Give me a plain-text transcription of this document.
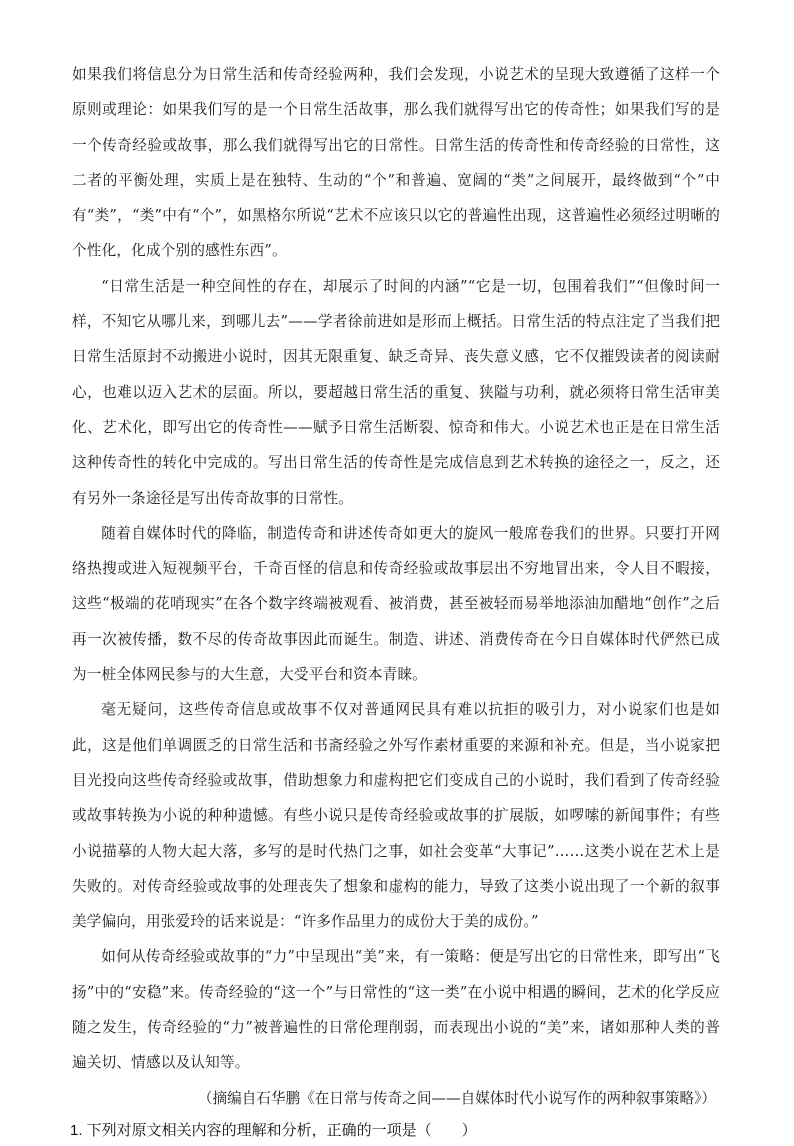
如果我们将信息分为日常生活和传奇经验两种，我们会发现，小说艺术的呈现大致遵循了这样一个原则或理论：如果我们写的是一个日常生活故事，那么我们就得写出它的传奇性；如果我们写的是一个传奇经验或故事，那么我们就得写出它的日常性。日常生活的传奇性和传奇经验的日常性，这二者的平衡处理，实质上是在独特、生动的“个”和普遍、宽阔的“类”之间展开，最终做到“个”中有“类”，“类”中有“个”，如黑格尔所说“艺术不应该只以它的普遍性出现，这普遍性必须经过明晰的个性化，化成个别的感性东西”。

“日常生活是一种空间性的存在，却展示了时间的内涵”“它是一切，包围着我们”“但像时间一样，不知它从哪儿来，到哪儿去”——学者徐前进如是形而上概括。日常生活的特点注定了当我们把日常生活原封不动搬进小说时，因其无限重复、缺乏奇异、丧失意义感，它不仅摧毁读者的阅读耐心，也难以迈入艺术的层面。所以，要超越日常生活的重复、狭隘与功利，就必须将日常生活审美化、艺术化，即写出它的传奇性——赋予日常生活断裂、惊奇和伟大。小说艺术也正是在日常生活这种传奇性的转化中完成的。写出日常生活的传奇性是完成信息到艺术转换的途径之一，反之，还有另外一条途径是写出传奇故事的日常性。

随着自媒体时代的降临，制造传奇和讲述传奇如更大的旋风一般席卷我们的世界。只要打开网络热搜或进入短视频平台，千奇百怪的信息和传奇经验或故事层出不穷地冒出来，令人目不暇接，这些“极端的花哨现实”在各个数字终端被观看、被消费，甚至被轻而易举地添油加醋地“创作”之后再一次被传播，数不尽的传奇故事因此而诞生。制造、讲述、消费传奇在今日自媒体时代俨然已成为一桩全体网民参与的大生意，大受平台和资本青睐。

毫无疑问，这些传奇信息或故事不仅对普通网民具有难以抗拒的吸引力，对小说家们也是如此，这是他们单调匮乏的日常生活和书斋经验之外写作素材重要的来源和补充。但是，当小说家把目光投向这些传奇经验或故事，借助想象力和虚构把它们变成自己的小说时，我们看到了传奇经验或故事转换为小说的种种遗憾。有些小说只是传奇经验或故事的扩展版，如啰嗦的新闻事件；有些小说描摹的人物大起大落，多写的是时代热门之事，如社会变革“大事记”……这类小说在艺术上是失败的。对传奇经验或故事的处理丧失了想象和虚构的能力，导致了这类小说出现了一个新的叙事美学偏向，用张爱玲的话来说是：“许多作品里力的成份大于美的成份。”

如何从传奇经验或故事的“力”中呈现出“美”来，有一策略：便是写出它的日常性来，即写出“飞扬”中的“安稳”来。传奇经验的“这一个”与日常性的“这一类”在小说中相遇的瞬间，艺术的化学反应随之发生，传奇经验的“力”被普遍性的日常伦理削弱，而表现出小说的“美”来，诸如那种人类的普遍关切、情感以及认知等。

（摘编自石华鹏《在日常与传奇之间——自媒体时代小说写作的两种叙事策略》）

1. 下列对原文相关内容的理解和分析，正确的一项是（　　）
